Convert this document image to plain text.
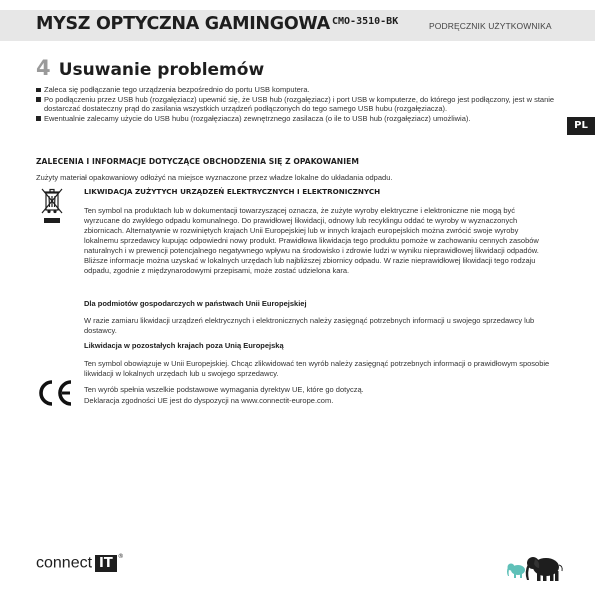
MYSZ OPTYCZNA GAMINGOWA CMO-3510-BK	PODRĘCZNIK UŻYTKOWNIKA
4 Usuwanie problemów
Zaleca się podłączanie tego urządzenia bezpośrednio do portu USB komputera.
Po podłączeniu przez USB hub (rozgałęziacz) upewnić się, że USB hub (rozgałęziacz) i port USB w komputerze, do którego jest podłączony, jest w stanie dostarczać dostateczny prąd do zasilania wszystkich urządzeń podłączonych do tego samego USB hubu (rozgałęziacza).
Ewentualnie zalecamy użycie do USB hubu (rozgałęziacza) zewnętrznego zasilacza (o ile to USB hub (rozgałęziacz) umożliwia).
PL
ZALECENIA I INFORMACJE DOTYCZĄCE OBCHODZENIA SIĘ Z OPAKOWANIEM
Zużyty materiał opakowaniowy odłożyć na miejsce wyznaczone przez władze lokalne do układania odpadu.
LIKWIDACJA ZUŻYTYCH URZĄDZEŃ ELEKTRYCZNYCH I ELEKTRONICZNYCH

Ten symbol na produktach lub w dokumentacji towarzyszącej oznacza, że zużyte wyroby elektryczne i elektroniczne nie mogą być wyrzucane do zwykłego odpadu komunalnego. Do prawidłowej likwidacji, odnowy lub recyklingu oddać te wyroby w wyznaczonych zbiornicach. Alternatywnie w rozwiniętych krajach Unii Europejskiej lub w innych krajach europejskich można zwrócić swoje wyroby lokalnemu sprzedawcy kupując odpowiedni nowy produkt. Prawidłowa likwidacja tego produktu pomoże w zachowaniu cennych zasobów naturalnych i w prewencji potencjalnego negatywnego wpływu na środowisko i zdrowie ludzi w wyniku nieprawidłowej likwidacji odpadów. Bliższe informacje można uzyskać w lokalnych urzędach lub najbliższej zbiornicy odpadu. W razie nieprawidłowej likwidacji tego rodzaju odpadu, zgodnie z międzynarodowymi przepisami, może zostać udzielona kara.

Dla podmiotów gospodarczych w państwach Unii Europejskiej

W razie zamiaru likwidacji urządzeń elektrycznych i elektronicznych należy zasięgnąć potrzebnych informacji u swojego sprzedawcy lub dostawcy.

Likwidacja w pozostałych krajach poza Unią Europejską

Ten symbol obowiązuje w Unii Europejskiej. Chcąc zlikwidować ten wyrób należy zasięgnąć potrzebnych informacji o prawidłowym sposobie likwidacji w lokalnych urzędach lub u swojego sprzedawcy.

Ten wyrób spełnia wszelkie podstawowe wymagania dyrektyw UE, które go dotyczą.

Deklaracja zgodności UE jest do dyspozycji na www.connectit-europe.com.

connect IT ®
